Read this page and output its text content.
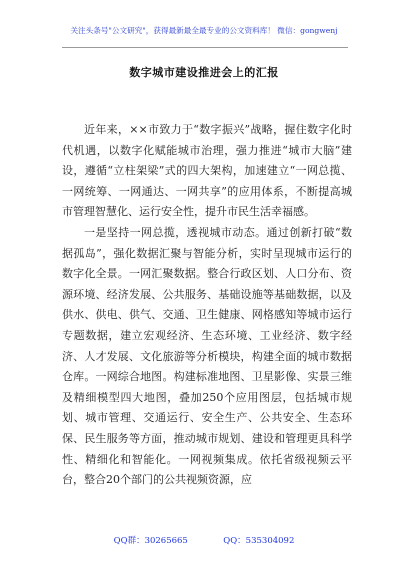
关注头条号"公文研究"，获得最新最全最专业的公文资料库！ 微信：gongwenj
数字城市建设推进会上的汇报

近年来，××市致力于“数字振兴”战略，握住数字化时代机遇，以数字化赋能城市治理，强力推进“城市大脑”建设，遵循“立柱架梁”式的四大架构，加速建立“一网总揽、一网统筹、一网通达、一网共享”的应用体系，不断提高城市管理智慧化、运行安全性，提升市民生活幸福感。

一是坚持一网总揽，透视城市动态。通过创新打破“数据孤岛”，强化数据汇聚与智能分析，实时呈现城市运行的数字化全景。一网汇聚数据。整合行政区划、人口分布、资源环境、经济发展、公共服务、基础设施等基础数据，以及供水、供电、供气、交通、卫生健康、网格感知等城市运行专题数据，建立宏观经济、生态环境、工业经济、数字经济、人才发展、文化旅游等分析模块，构建全面的城市数据仓库。一网综合地图。构建标准地图、卫星影像、实景三维及精细模型四大地图，叠加250个应用图层，包括城市规划、城市管理、交通运行、安全生产、公共安全、生态环保、民生服务等方面，推动城市规划、建设和管理更具科学性、精细化和智能化。一网视频集成。依托省级视频云平台，整合20个部门的公共视频资源，应

QQ群：30265665	QQ：535304092
